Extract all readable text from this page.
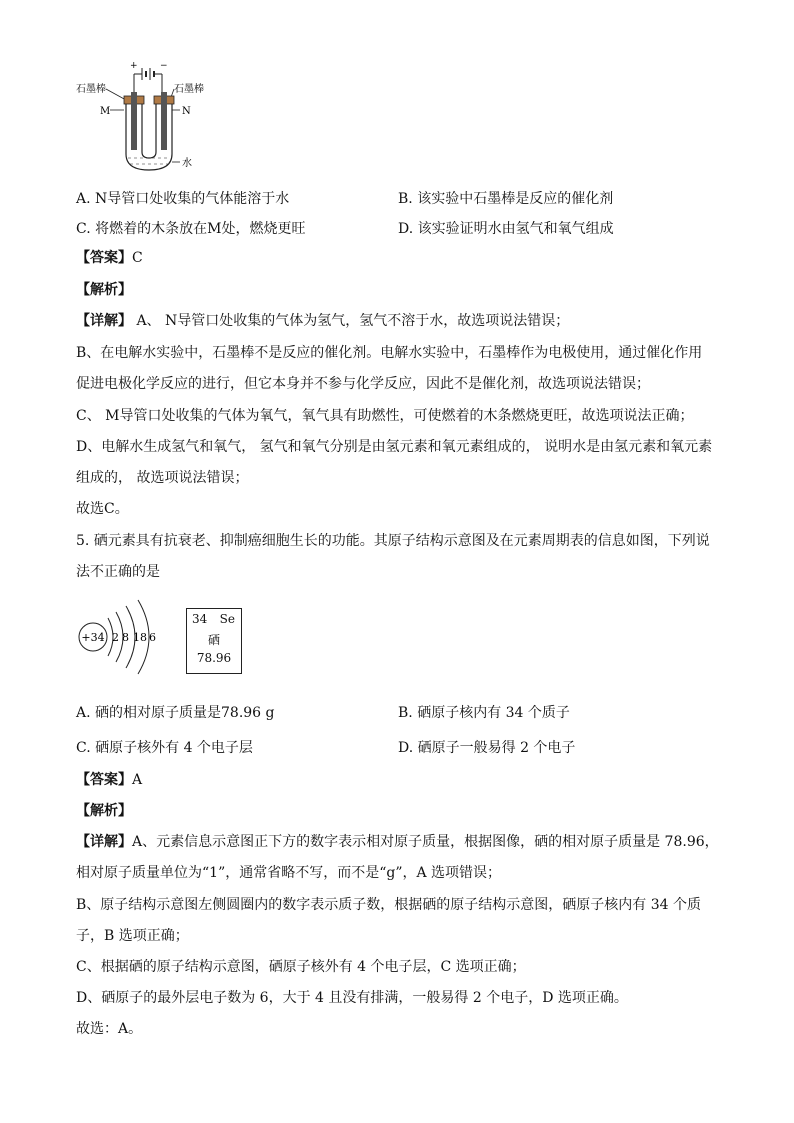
+ −
石墨棒	石墨棒
M	N
水
A. N导管口处收集的气体能溶于水	B. 该实验中石墨棒是反应的催化剂
C. 将燃着的木条放在M处，燃烧更旺	D. 该实验证明水由氢气和氧气组成
【答案】C
【解析】
【详解】 A、 N导管口处收集的气体为氢气，氢气不溶于水，故选项说法错误；
B、在电解水实验中，石墨棒不是反应的催化剂。电解水实验中，石墨棒作为电极使用，通过催化作用
促进电极化学反应的进行，但它本身并不参与化学反应，因此不是催化剂，故选项说法错误；
C、 M导管口处收集的气体为氧气，氧气具有助燃性，可使燃着的木条燃烧更旺，故选项说法正确；
D、电解水生成氢气和氧气， 氢气和氧气分别是由氢元素和氧元素组成的， 说明水是由氢元素和氧元素
组成的， 故选项说法错误；
故选C。
5. 硒元素具有抗衰老、抑制癌细胞生长的功能。其原子结构示意图及在元素周期表的信息如图，下列说
法不正确的是
+34 2 8 18 6
34 Se
硒
78.96
A. 硒的相对原子质量是78.96 g	B. 硒原子核内有 34 个质子
C. 硒原子核外有 4 个电子层	D. 硒原子一般易得 2 个电子
【答案】A
【解析】
【详解】A、元素信息示意图正下方的数字表示相对原子质量，根据图像，硒的相对原子质量是 78.96，
相对原子质量单位为“1”，通常省略不写，而不是“g”，A 选项错误；
B、原子结构示意图左侧圆圈内的数字表示质子数，根据硒的原子结构示意图，硒原子核内有 34 个质
子，B 选项正确；
C、根据硒的原子结构示意图，硒原子核外有 4 个电子层，C 选项正确；
D、硒原子的最外层电子数为 6，大于 4 且没有排满，一般易得 2 个电子，D 选项正确。
故选：A。
